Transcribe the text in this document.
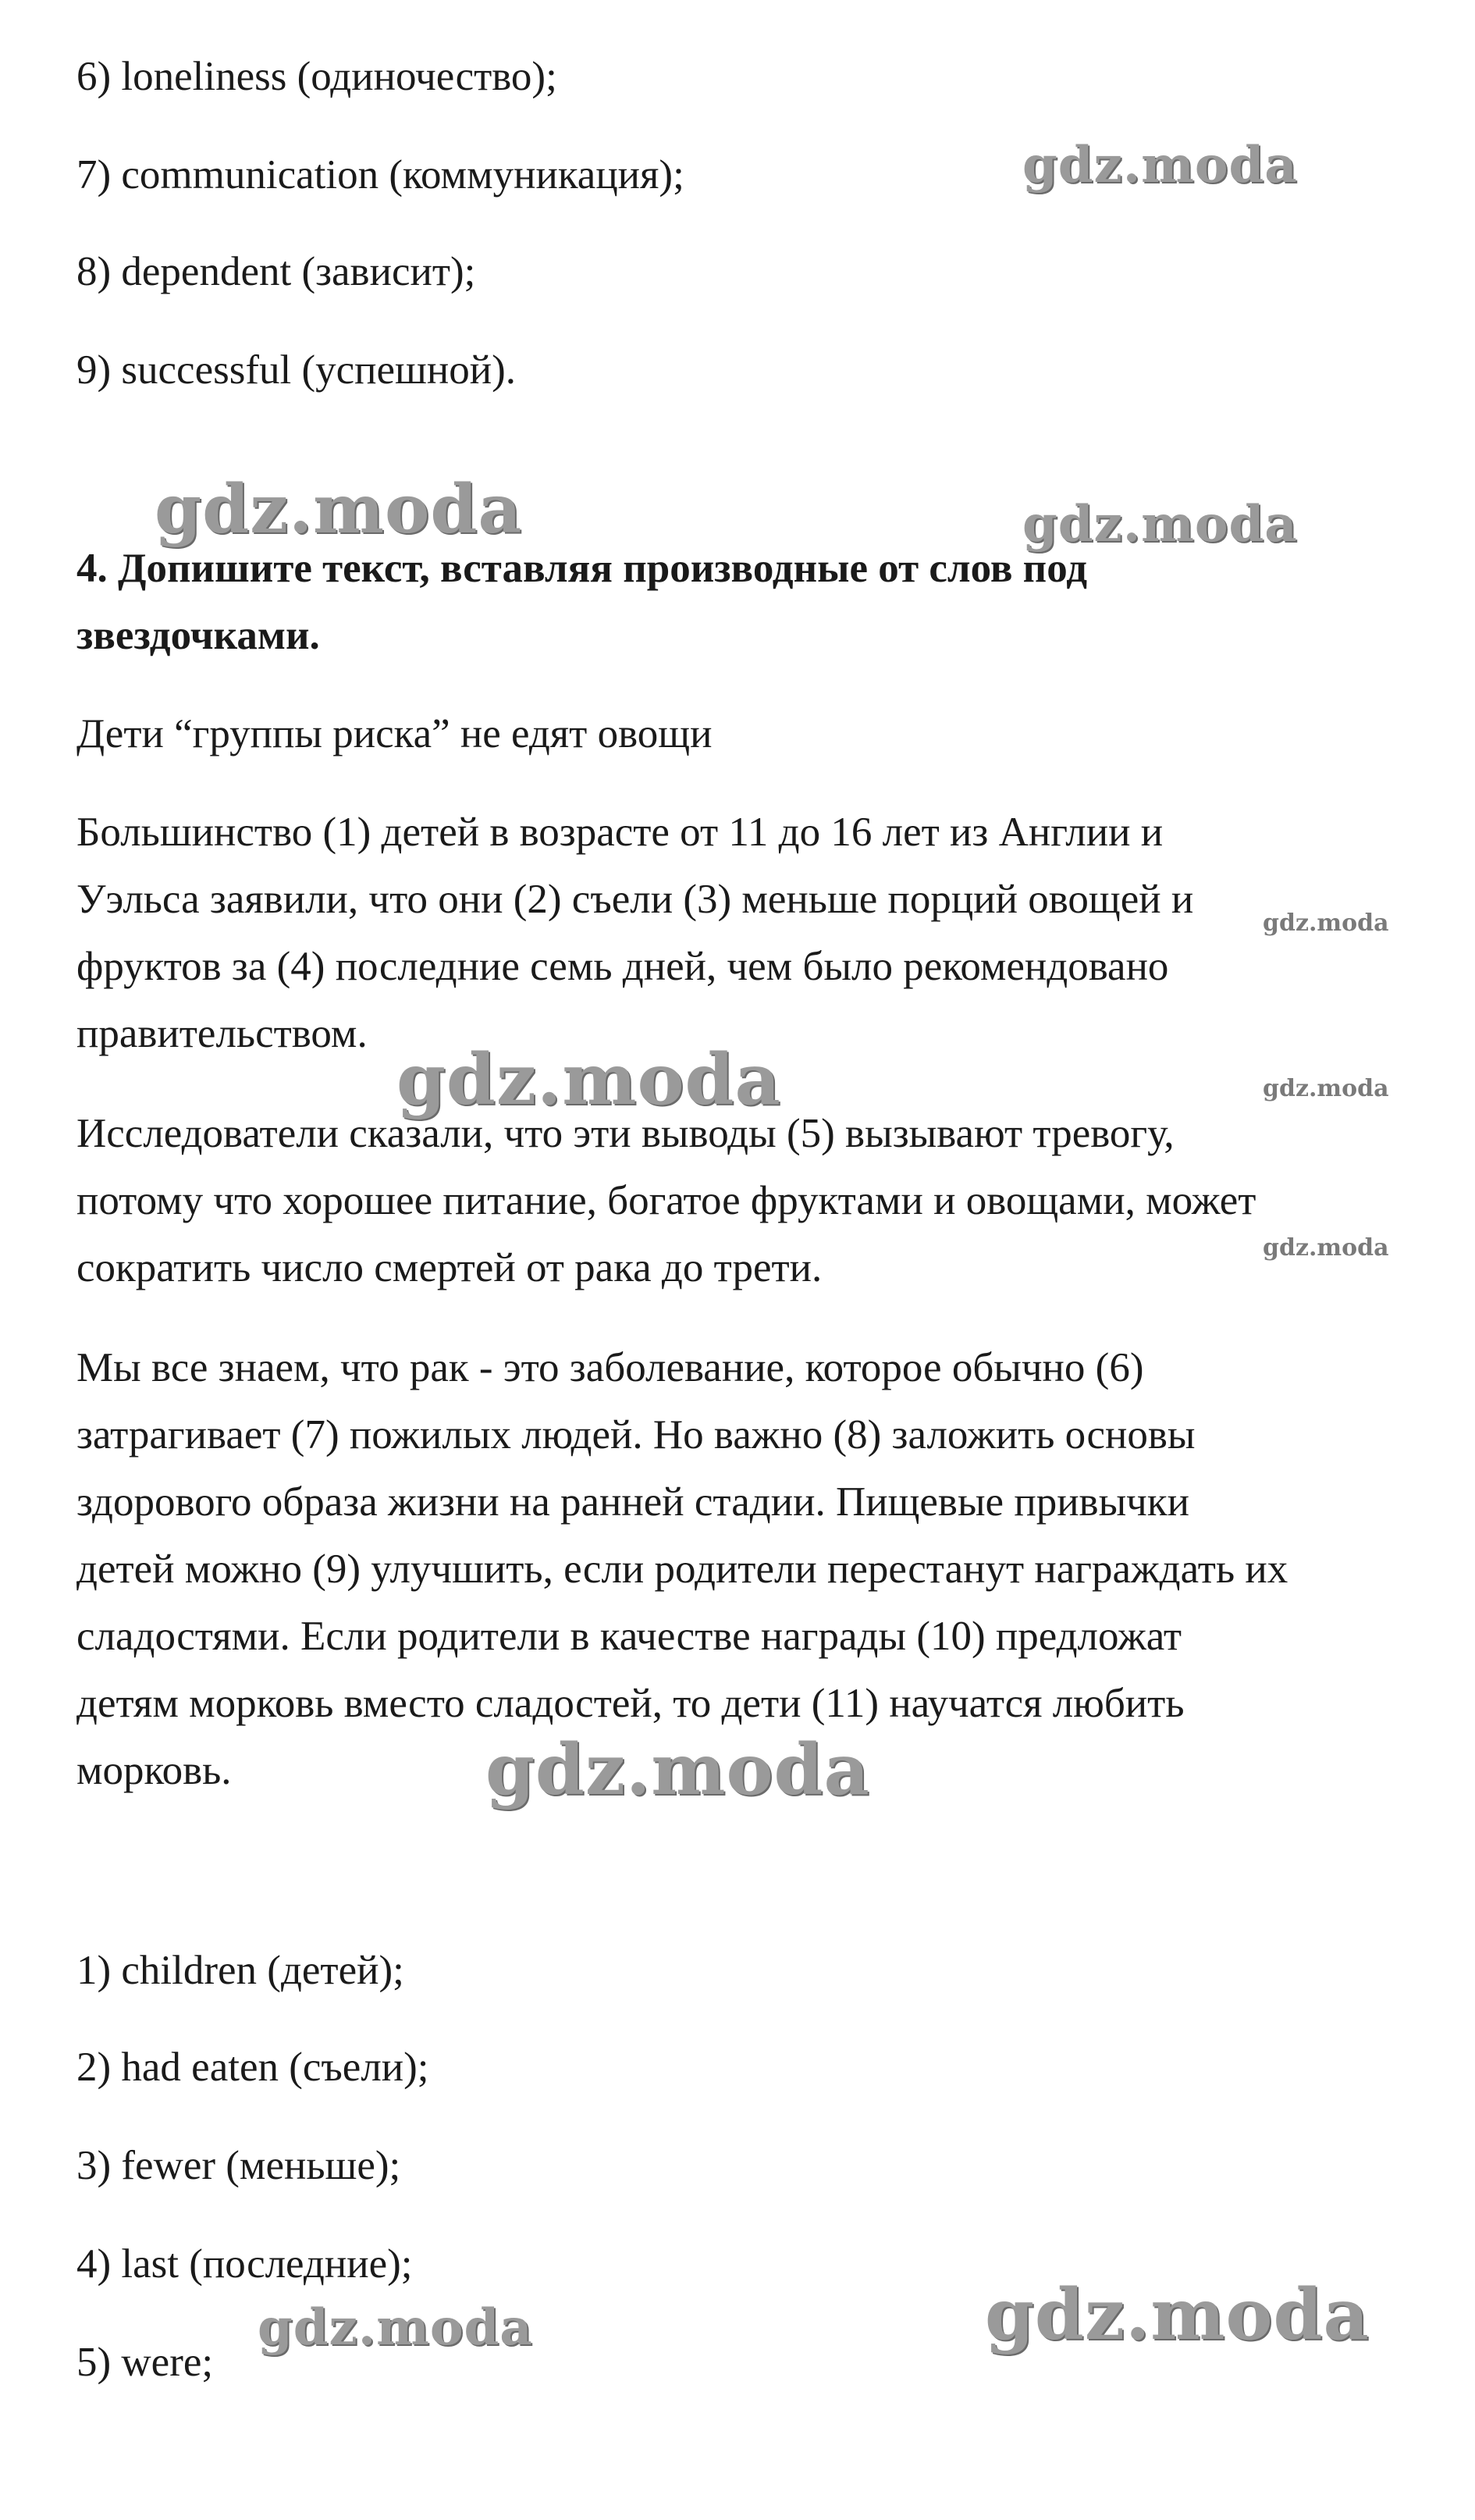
6) loneliness (одиночество);
7) communication (коммуникация);
8) dependent (зависит);
9) successful (успешной).
4. Допишите текст, вставляя производные от слов под
звездочками.
Дети “группы риска” не едят овощи
Большинство (1) детей в возрасте от 11 до 16 лет из Англии и
Уэльса заявили, что они (2) съели (3) меньше порций овощей и
фруктов за (4) последние семь дней, чем было рекомендовано
правительством.
Исследователи сказали, что эти выводы (5) вызывают тревогу,
потому что хорошее питание, богатое фруктами и овощами, может
сократить число смертей от рака до трети.
Мы все знаем, что рак - это заболевание, которое обычно (6)
затрагивает (7) пожилых людей. Но важно (8) заложить основы
здорового образа жизни на ранней стадии. Пищевые привычки
детей можно (9) улучшить, если родители перестанут награждать их
сладостями. Если родители в качестве награды (10) предложат
детям морковь вместо сладостей, то дети (11) научатся любить
морковь.
1) children (детей);
2) had eaten (съели);
3) fewer (меньше);
4) last (последние);
5) were;
gdz.moda
gdz.moda	gdz.moda
gdz.moda
gdz.moda	gdz.moda
gdz.moda
gdz.moda
gdz.moda	gdz.moda
